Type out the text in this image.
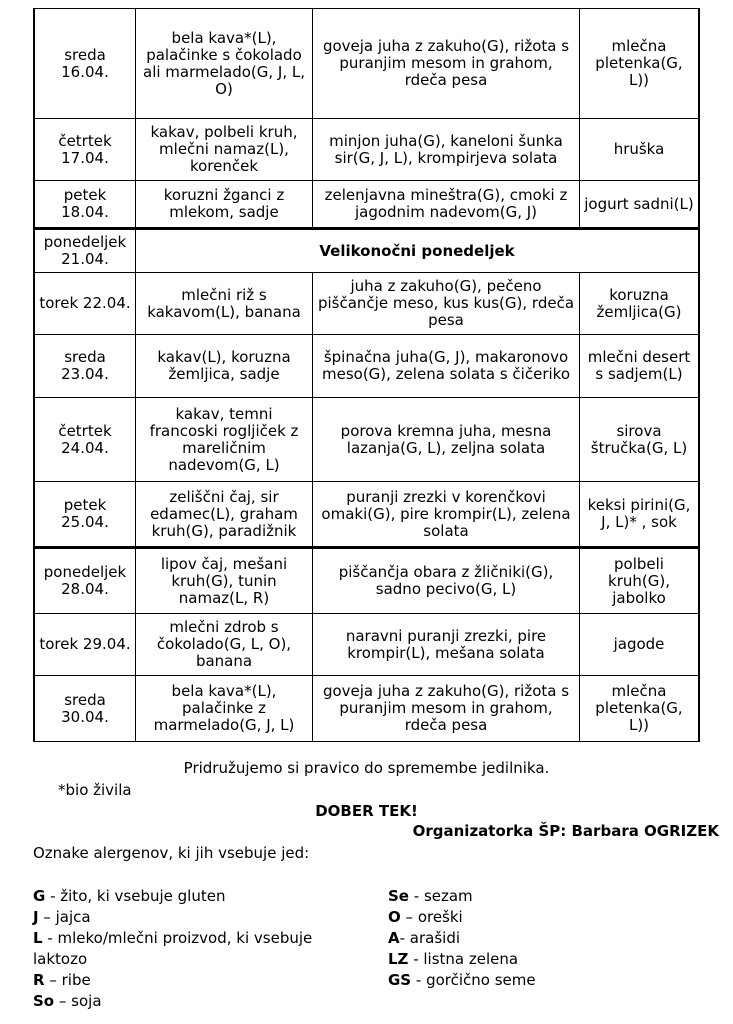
sreda 16.04.	bela kava*(L), palačinke s čokolado ali marmelado(G, J, L, O)	goveja juha z zakuho(G), rižota s puranjim mesom in grahom, rdeča pesa	mlečna pletenka(G, L))
četrtek 17.04.	kakav, polbeli kruh, mlečni namaz(L), korenček	minjon juha(G), kaneloni šunka sir(G, J, L), krompirjeva solata	hruška
petek 18.04.	koruzni žganci z mlekom, sadje	zelenjavna mineštra(G), cmoki z jagodnim nadevom(G, J)	jogurt sadni(L)
ponedeljek 21.04.	Velikonočni ponedeljek		
torek 22.04.	mlečni riž s kakavom(L), banana	juha z zakuho(G), pečeno piščančje meso, kus kus(G), rdeča pesa	koruzna žemljica(G)
sreda 23.04.	kakav(L), koruzna žemljica, sadje	špinačna juha(G, J), makaronovo meso(G), zelena solata s čičeriko	mlečni desert s sadjem(L)
četrtek 24.04.	kakav, temni francoski rogljiček z mareličnim nadevom(G, L)	porova kremna juha, mesna lazanja(G, L), zeljna solata	sirova štručka(G, L)
petek 25.04.	zeliščni čaj, sir edamec(L), graham kruh(G), paradižnik	puranji zrezki v korenčkovi omaki(G), pire krompir(L), zelena solata	keksi pirini(G, J, L)* , sok
ponedeljek 28.04.	lipov čaj, mešani kruh(G), tunin namaz(L, R)	piščančja obara z žličniki(G), sadno pecivo(G, L)	polbeli kruh(G), jabolko
torek 29.04.	mlečni zdrob s čokolado(G, L, O), banana	naravni puranji zrezki, pire krompir(L), mešana solata	jagode
sreda 30.04.	bela kava*(L), palačinke z marmelado(G, J, L)	goveja juha z zakuho(G), rižota s puranjim mesom in grahom, rdeča pesa	mlečna pletenka(G, L))
Pridružujemo si pravico do spremembe jedilnika.
*bio živila
DOBER TEK!
Organizatorka ŠP: Barbara OGRIZEK
Oznake alergenov, ki jih vsebuje jed:
G - žito, ki vsebuje gluten
J – jajca
L - mleko/mlečni proizvod, ki vsebuje laktozo
R – ribe
So – soja
Se - sezam
O – oreški
A- arašidi
LZ - listna zelena
GS - gorčično seme
